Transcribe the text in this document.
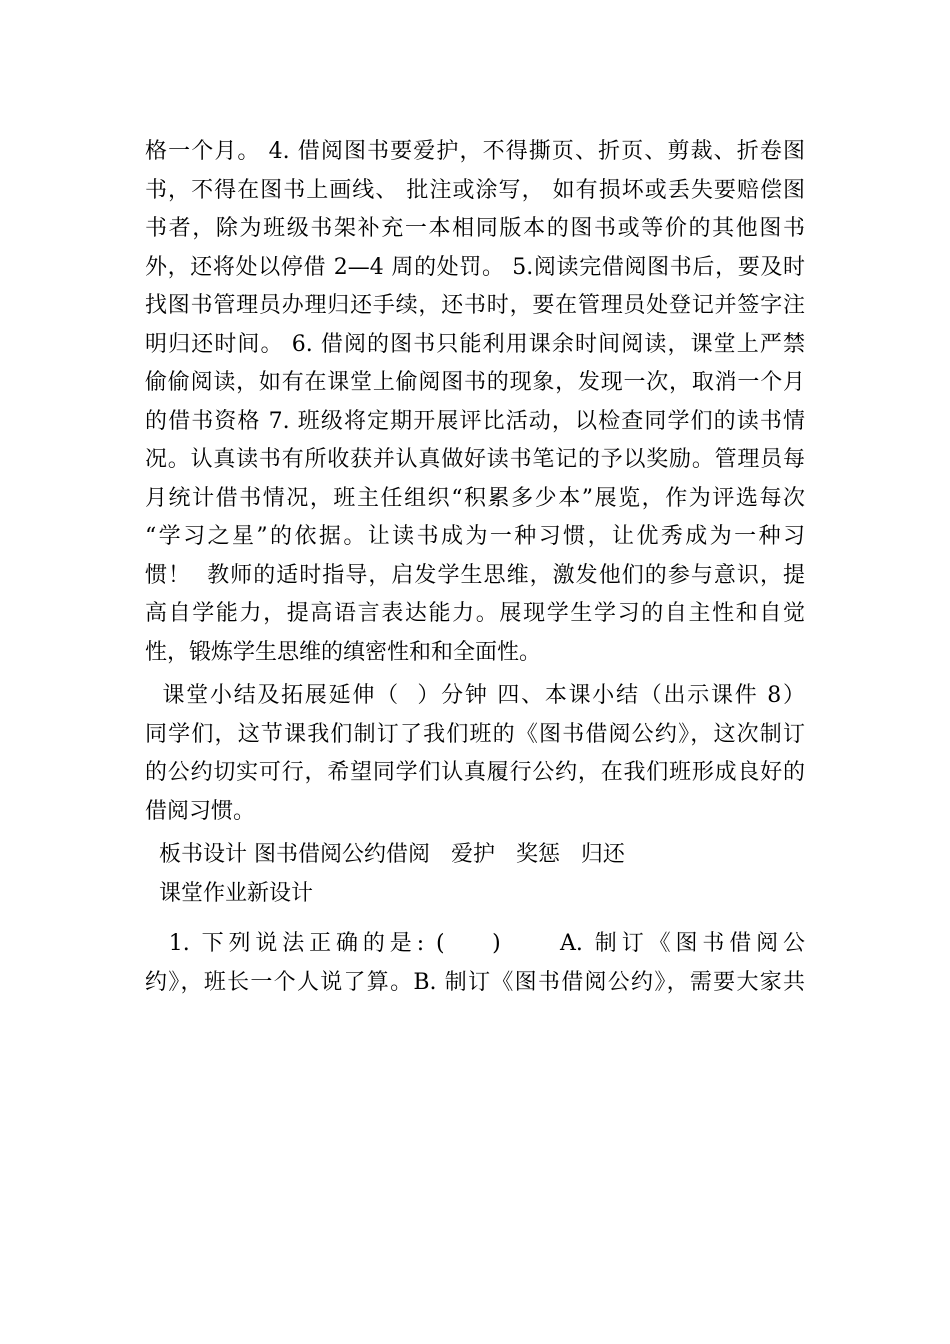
格一个月。 4. 借阅图书要爱护，不得撕页、折页、剪裁、折卷图
书，不得在图书上画线、 批注或涂写， 如有损坏或丢失要赔偿图
书者，除为班级书架补充一本相同版本的图书或等价的其他图书
外，还将处以停借 2—4 周的处罚。 5.阅读完借阅图书后，要及时
找图书管理员办理归还手续，还书时，要在管理员处登记并签字注
明归还时间。 6. 借阅的图书只能利用课余时间阅读，课堂上严禁
偷偷阅读，如有在课堂上偷阅图书的现象，发现一次，取消一个月
的借书资格 7. 班级将定期开展评比活动，以检查同学们的读书情
况。认真读书有所收获并认真做好读书笔记的予以奖励。管理员每
月统计借书情况，班主任组织“积累多少本”展览，作为评选每次
“学习之星”的依据。让读书成为一种习惯，让优秀成为一种习
惯！  教师的适时指导，启发学生思维，激发他们的参与意识，提
高自学能力，提高语言表达能力。展现学生学习的自主性和自觉
性，锻炼学生思维的缜密性和和全面性。
课堂小结及拓展延伸（  ）分钟 四、本课小结（出示课件 8）
同学们，这节课我们制订了我们班的《图书借阅公约》，这次制订
的公约切实可行，希望同学们认真履行公约，在我们班形成良好的
借阅习惯。
板书设计 图书借阅公约借阅   爱护   奖惩   归还
课堂作业新设计
1. 下列说法正确的是: (    )     A. 制订《图书借阅公
约》，班长一个人说了算。B. 制订《图书借阅公约》，需要大家共
